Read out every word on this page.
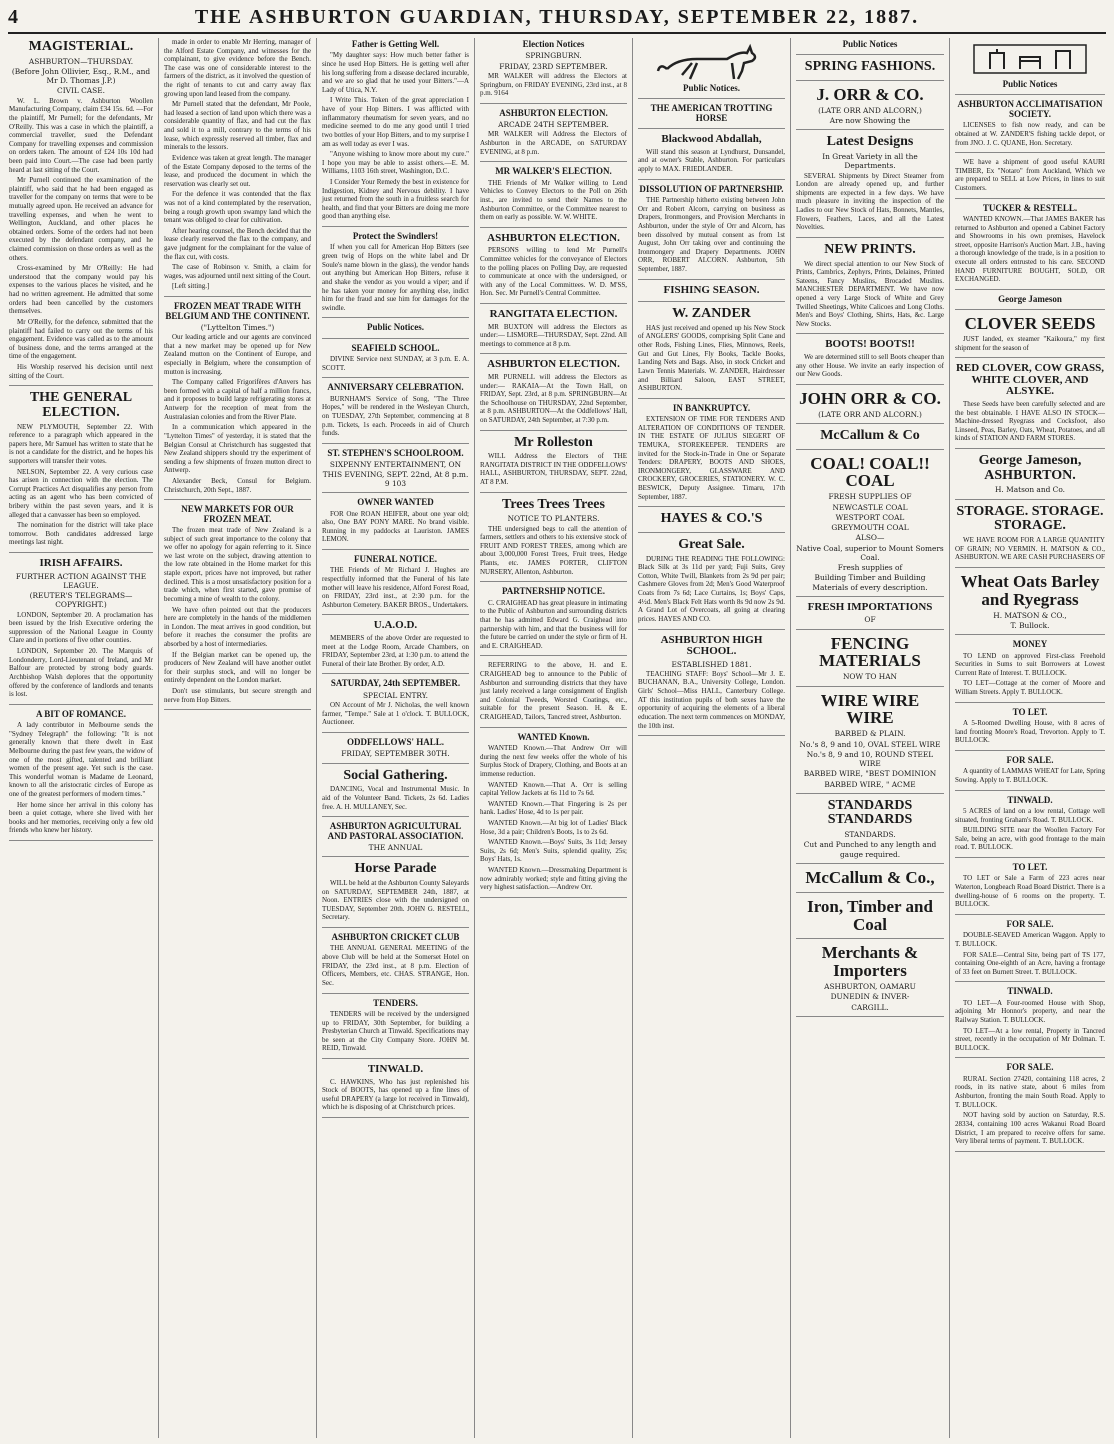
4	THE ASHBURTON GUARDIAN, THURSDAY, SEPTEMBER 22, 1887.
MAGISTERIAL.
ASHBURTON—THURSDAY.
(Before John Ollivier, Esq., R.M., and Mr D. Thomas J.P.)
CIVIL CASE.

W. L. Brown v. Ashburton Woollen Manufacturing Company, claim £34 15s. 6d. —For the plaintiff, Mr Purnell; for the defendants, Mr O'Reilly. This was a case in which the plaintiff, a commercial traveller, sued the Defendant Company for travelling expenses and commission on orders taken. The amount of £24 10s 10d had been paid into Court.—The case had been partly heard at last sitting of the Court.

Mr Purnell continued the examination of the plaintiff, who said that he had been engaged as traveller for the company on terms that were to be mutually agreed upon. He received an advance for travelling expenses, and when he went to Wellington, Auckland, and other places he obtained orders. Some of the orders had not been executed by the defendant company, and he claimed commission on those orders as well as the others.

Cross-examined by Mr O'Reilly: He had understood that the company would pay his expenses to the various places he visited, and he had no written agreement. He admitted that some orders had been cancelled by the customers themselves.

Mr O'Reilly, for the defence, submitted that the plaintiff had failed to carry out the terms of his engagement. Evidence was called as to the amount of business done, and the terms arranged at the time of the engagement.

His Worship reserved his decision until next sitting of the Court.

THE GENERAL ELECTION.

NEW PLYMOUTH, September 22. With reference to a paragraph which appeared in the papers here, Mr Samuel has written to state that he is not a candidate for the district, and he hopes his supporters will transfer their votes.

NELSON, September 22. A very curious case has arisen in connection with the election. The Corrupt Practices Act disqualifies any person from acting as an agent who has been convicted of bribery within the past seven years, and it is alleged that a canvasser has been so employed.

The nomination for the district will take place tomorrow. Both candidates addressed large meetings last night.

IRISH AFFAIRS.
FURTHER ACTION AGAINST THE LEAGUE.
(REUTER'S TELEGRAMS—COPYRIGHT.)

LONDON, September 20. A proclamation has been issued by the Irish Executive ordering the suppression of the National League in County Clare and in portions of five other counties.

LONDON, September 20. The Marquis of Londonderry, Lord-Lieutenant of Ireland, and Mr Balfour are protected by strong body guards. Archbishop Walsh deplores that the opportunity offered by the conference of landlords and tenants is lost.

A BIT OF ROMANCE.

A lady contributor in Melbourne sends the "Sydney Telegraph" the following: "It is not generally known that there dwelt in East Melbourne during the past few years, the widow of one of the most gifted, talented and brilliant women of the present age. Yet such is the case. This wonderful woman is Madame de Leonard, known to all the aristocratic circles of Europe as one of the greatest performers of modern times."

Her home since her arrival in this colony has been a quiet cottage, where she lived with her books and her memories, receiving only a few old friends who knew her history.

made in order to enable Mr Herring, manager of the Alford Estate Company, and witnesses for the complainant, to give evidence before the Bench. The case was one of considerable interest to the farmers of the district, as it involved the question of the right of tenants to cut and carry away flax growing upon land leased from the company.

Mr Purnell stated that the defendant, Mr Poole, had leased a section of land upon which there was a considerable quantity of flax, and had cut the flax and sold it to a mill, contrary to the terms of his lease, which expressly reserved all timber, flax and minerals to the lessors.

Evidence was taken at great length. The manager of the Estate Company deposed to the terms of the lease, and produced the document in which the reservation was clearly set out.

For the defence it was contended that the flax was not of a kind contemplated by the reservation, being a rough growth upon swampy land which the tenant was obliged to clear for cultivation.

After hearing counsel, the Bench decided that the lease clearly reserved the flax to the company, and gave judgment for the complainant for the value of the flax cut, with costs.

The case of Robinson v. Smith, a claim for wages, was adjourned until next sitting of the Court.

[Left sitting.]

FROZEN MEAT TRADE WITH BELGIUM AND THE CONTINENT.
("Lyttelton Times.")

Our leading article and our agents are convinced that a new market may be opened up for New Zealand mutton on the Continent of Europe, and especially in Belgium, where the consumption of mutton is increasing.

The Company called Frigorifères d'Anvers has been formed with a capital of half a million francs, and it proposes to build large refrigerating stores at Antwerp for the reception of meat from the Australasian colonies and from the River Plate.

In a communication which appeared in the "Lyttelton Times" of yesterday, it is stated that the Belgian Consul at Christchurch has suggested that New Zealand shippers should try the experiment of sending a few shipments of frozen mutton direct to Antwerp.

Alexander Beck, Consul for Belgium. Christchurch, 20th Sept., 1887.

NEW MARKETS FOR OUR FROZEN MEAT.

The frozen meat trade of New Zealand is a subject of such great importance to the colony that we offer no apology for again referring to it. Since we last wrote on the subject, drawing attention to the low rate obtained in the Home market for this staple export, prices have not improved, but rather declined. This is a most unsatisfactory position for a trade which, when first started, gave promise of becoming a mine of wealth to the colony.

We have often pointed out that the producers here are completely in the hands of the middlemen in London. The meat arrives in good condition, but before it reaches the consumer the profits are absorbed by a host of intermediaries.

If the Belgian market can be opened up, the producers of New Zealand will have another outlet for their surplus stock, and will no longer be entirely dependent on the London market.

Don't use stimulants, but secure strength and nerve from Hop Bitters.

Father is Getting Well.

"My daughter says: How much better father is since he used Hop Bitters. He is getting well after his long suffering from a disease declared incurable, and we are so glad that he used your Bitters."—A Lady of Utica, N.Y.

I Write This. Token of the great appreciation I have of your Hop Bitters. I was afflicted with inflammatory rheumatism for seven years, and no medicine seemed to do me any good until I tried two bottles of your Hop Bitters, and to my surprise I am as well today as ever I was.

"Anyone wishing to know more about my cure." I hope you may be able to assist others.—E. M. Williams, 1103 16th street, Washington, D.C.

I Consider Your Remedy the best in existence for Indigestion, Kidney and Nervous debility. I have just returned from the south in a fruitless search for health, and find that your Bitters are doing me more good than anything else.

Protect the Swindlers!

If when you call for American Hop Bitters (see green twig of Hops on the white label and Dr Soule's name blown in the glass), the vendor hands out anything but American Hop Bitters, refuse it and shake the vendor as you would a viper; and if he has taken your money for anything else, indict him for the fraud and sue him for damages for the swindle.

Public Notices.
SEAFIELD SCHOOL.

DIVINE Service next SUNDAY, at 3 p.m. E. A. SCOTT.

ANNIVERSARY CELEBRATION.

BURNHAM'S Service of Song, "The Three Hopes," will be rendered in the Wesleyan Church, on TUESDAY, 27th September, commencing at 8 p.m. Tickets, 1s each. Proceeds in aid of Church funds.

ST. STEPHEN'S SCHOOLROOM.
SIXPENNY ENTERTAINMENT, ON THIS EVENING, SEPT. 22nd, At 8 p.m. 9 103
OWNER WANTED

FOR One ROAN HEIFER, about one year old; also, One BAY PONY MARE. No brand visible. Running in my paddocks at Lauriston. JAMES LEMON.

FUNERAL NOTICE.

THE Friends of Mr Richard J. Hughes are respectfully informed that the Funeral of his late mother will leave his residence, Alford Forest Road, on FRIDAY, 23rd inst., at 2:30 p.m. for the Ashburton Cemetery. BAKER BROS., Undertakers.

U.A.O.D.

MEMBERS of the above Order are requested to meet at the Lodge Room, Arcade Chambers, on FRIDAY, September 23rd, at 1:30 p.m. to attend the Funeral of their late Brother. By order, A.D.

SATURDAY, 24th SEPTEMBER.
SPECIAL ENTRY.

ON Account of Mr J. Nicholas, the well known farmer, "Tempe." Sale at 1 o'clock. T. BULLOCK, Auctioneer.

ODDFELLOWS' HALL.
FRIDAY, SEPTEMBER 30TH.
Social Gathering.

DANCING, Vocal and Instrumental Music. In aid of the Volunteer Band. Tickets, 2s 6d. Ladies free. A. H. MULLANEY, Sec.

ASHBURTON AGRICULTURAL AND PASTORAL ASSOCIATION.
THE ANNUAL
Horse Parade

WILL be held at the Ashburton County Saleyards on SATURDAY, SEPTEMBER 24th, 1887, at Noon. ENTRIES close with the undersigned on TUESDAY, September 20th. JOHN G. RESTELL, Secretary.

ASHBURTON CRICKET CLUB

THE ANNUAL GENERAL MEETING of the above Club will be held at the Somerset Hotel on FRIDAY, the 23rd inst., at 8 p.m. Election of Officers, Members, etc. CHAS. STRANGE, Hon. Sec.

TENDERS.

TENDERS will be received by the undersigned up to FRIDAY, 30th September, for building a Presbyterian Church at Tinwald. Specifications may be seen at the City Company Store. JOHN M. REID, Tinwald.

TINWALD.

C. HAWKINS, Who has just replenished his Stock of BOOTS, has opened up a fine lines of useful DRAPERY (a large lot received in Tinwald), which he is disposing of at Christchurch prices.

Election Notices
SPRINGBURN.
FRIDAY, 23RD SEPTEMBER.

MR WALKER will address the Electors at Springburn, on FRIDAY EVENING, 23rd inst., at 8 p.m. 9164

ASHBURTON ELECTION.
ARCADE 24TH SEPTEMBER.

MR WALKER will Address the Electors of Ashburton in the ARCADE, on SATURDAY EVENING, at 8 p.m.

MR WALKER'S ELECTION.

THE Friends of Mr Walker willing to Lend Vehicles to Convey Electors to the Poll on 26th inst., are invited to send their Names to the Ashburton Committee, or the Committee nearest to them on early as possible. W. W. WHITE.

ASHBURTON ELECTION.

PERSONS willing to lend Mr Purnell's Committee vehicles for the conveyance of Electors to the polling places on Polling Day, are requested to communicate at once with the undersigned, or with any of the Local Committees. W. D. M'SS, Hon. Sec. Mr Purnell's Central Committee.

RANGITATA ELECTION.

MR BUXTON will address the Electors as under:— LISMORE—THURSDAY, Sept. 22nd. All meetings to commence at 8 p.m.

ASHBURTON ELECTION.

MR PURNELL will address the Electors as under:— RAKAIA—At the Town Hall, on FRIDAY, Sept. 23rd, at 8 p.m. SPRINGBURN—At the Schoolhouse on THURSDAY, 22nd September, at 8 p.m. ASHBURTON—At the Oddfellows' Hall, on SATURDAY, 24th September, at 7:30 p.m.

Mr Rolleston

WILL Address the Electors of THE RANGITATA DISTRICT IN THE ODDFELLOWS' HALL, ASHBURTON, THURSDAY, SEPT. 22nd, AT 8 P.M.

Trees Trees Trees
NOTICE TO PLANTERS.

THE undersigned begs to call the attention of farmers, settlers and others to his extensive stock of FRUIT AND FOREST TREES, among which are about 3,000,000 Forest Trees, Fruit trees, Hedge Plants, etc. JAMES PORTER, CLIFTON NURSERY, Allenton, Ashburton.

PARTNERSHIP NOTICE.

C. CRAIGHEAD has great pleasure in intimating to the Public of Ashburton and surrounding districts that he has admitted Edward G. Craighead into partnership with him, and that the business will for the future be carried on under the style or firm of H. and E. CRAIGHEAD.

REFERRING to the above, H. and E. CRAIGHEAD beg to announce to the Public of Ashburton and surrounding districts that they have just lately received a large consignment of English and Colonial Tweeds, Worsted Coatings, etc., suitable for the present Season. H. & E. CRAIGHEAD, Tailors, Tancred street, Ashburton.

WANTED Known.

WANTED Known.—That Andrew Orr will during the next few weeks offer the whole of his Surplus Stock of Drapery, Clothing, and Boots at an immense reduction.

WANTED Known.—That A. Orr is selling capital Yellow Jackets at 6s 11d to 7s 6d.

WANTED Known.—That Fingering is 2s per hank. Ladies' Hose, 4d to 1s per pair.

WANTED Known.—At big lot of Ladies' Black Hose, 3d a pair; Children's Boots, 1s to 2s 6d.

WANTED Known.—Boys' Suits, 3s 11d; Jersey Suits, 2s 6d; Men's Suits, splendid quality, 25s; Boys' Hats, 1s.

WANTED Known.—Dressmaking Department is now admirably worked; style and fitting giving the very highest satisfaction.—Andrew Orr.

Public Notices.
THE AMERICAN TROTTING HORSE
Blackwood Abdallah,

Will stand this season at Lyndhurst, Dunsandel, and at owner's Stable, Ashburton. For particulars apply to MAX. FRIEDLANDER.

DISSOLUTION OF PARTNERSHIP.

THE Partnership hitherto existing between John Orr and Robert Alcorn, carrying on business as Drapers, Ironmongers, and Provision Merchants in Ashburton, under the style of Orr and Alcorn, has been dissolved by mutual consent as from 1st August, John Orr taking over and continuing the Ironmongery and Drapery Departments. JOHN ORR, ROBERT ALCORN. Ashburton, 5th September, 1887.

FISHING SEASON.
W. ZANDER

HAS just received and opened up his New Stock of ANGLERS' GOODS, comprising Split Cane and other Rods, Fishing Lines, Flies, Minnows, Reels, Gut and Gut Lines, Fly Books, Tackle Books, Landing Nets and Bags. Also, in stock Cricket and Lawn Tennis Materials. W. ZANDER, Hairdresser and Billiard Saloon, EAST STREET, ASHBURTON.

IN BANKRUPTCY.

EXTENSION OF TIME FOR TENDERS AND ALTERATION OF CONDITIONS OF TENDER. IN THE ESTATE OF JULIUS SIEGERT OF TEMUKA, STOREKEEPER. TENDERS are invited for the Stock-in-Trade in One or Separate Tenders: DRAPERY, BOOTS AND SHOES, IRONMONGERY, GLASSWARE AND CROCKERY, GROCERIES, STATIONERY. W. C. BESWICK, Deputy Assignee. Timaru, 17th September, 1887.

HAYES & CO.'S
Great Sale.

DURING THE READING THE FOLLOWING: Black Silk at 3s 11d per yard; Fuji Suits, Grey Cotton, White Twill, Blankets from 2s 9d per pair; Cashmere Gloves from 2d; Men's Good Waterproof Coats from 7s 6d; Lace Curtains, 1s; Boys' Caps, 4½d. Men's Black Felt Hats worth 8s 9d now 2s 9d. A Grand Lot of Overcoats, all going at clearing prices. HAYES AND CO.

ASHBURTON HIGH SCHOOL.
ESTABLISHED 1881.

TEACHING STAFF: Boys' School—Mr J. E. BUCHANAN, B.A., University College, London. Girls' School—Miss HALL, Canterbury College. AT this institution pupils of both sexes have the opportunity of acquiring the elements of a liberal education. The next term commences on MONDAY, the 10th inst.

Public Notices
SPRING FASHIONS.
J. ORR & CO.
(LATE ORR AND ALCORN,)
Are now Showing the
Latest Designs
In Great Variety in all the Departments.

SEVERAL Shipments by Direct Steamer from London are already opened up, and further shipments are expected in a few days. We have much pleasure in inviting the inspection of the Ladies to our New Stock of Hats, Bonnets, Mantles, Flowers, Feathers, Laces, and all the Latest Novelties.

NEW PRINTS.

We direct special attention to our New Stock of Prints, Cambrics, Zephyrs, Prints, Delaines, Printed Sateens, Fancy Muslins, Brocaded Muslins. MANCHESTER DEPARTMENT. We have now opened a very Large Stock of White and Grey Twilled Sheetings, White Calicoes and Long Cloths. Men's and Boys' Clothing, Shirts, Hats, &c. Large New Stocks.

BOOTS! BOOTS!!

We are determined still to sell Boots cheaper than any other House. We invite an early inspection of our New Goods.

JOHN ORR & CO.
(LATE ORR AND ALCORN.)
McCallum & Co
COAL! COAL!! COAL
FRESH SUPPLIES OF
NEWCASTLE COAL
WESTPORT COAL
GREYMOUTH COAL
ALSO—
Native Coal, superior to Mount Somers Coal.
Fresh supplies of
Building Timber and Building Materials of every description.
FRESH IMPORTATIONS
OF
FENCING MATERIALS
NOW TO HAN
WIRE WIRE WIRE
BARBED & PLAIN.
No.'s 8, 9 and 10, OVAL STEEL WIRE
No.'s 8, 9 and 10, ROUND STEEL WIRE
BARBED WIRE, "BEST DOMINION
BARBED WIRE, " ACME
STANDARDS STANDARDS
STANDARDS.
Cut and Punched to any length and gauge required.
McCallum & Co.,
Iron, Timber and Coal
Merchants & Importers
ASHBURTON, OAMARU
DUNEDIN & INVER-
CARGILL.
Public Notices
ASHBURTON ACCLIMATISATION SOCIETY.

LICENSES to fish now ready, and can be obtained at W. ZANDER'S fishing tackle depot, or from JNO. J. C. QUANE, Hon. Secretary.

WE have a shipment of good useful KAURI TIMBER, Ex "Notaro" from Auckland, Which we are prepared to SELL at Low Prices, in lines to suit Customers.

TUCKER & RESTELL.

WANTED KNOWN.—That JAMES BAKER has returned to Ashburton and opened a Cabinet Factory and Showrooms in his own premises, Havelock street, opposite Harrison's Auction Mart. J.B., having a thorough knowledge of the trade, is in a position to execute all orders entrusted to his care. SECOND HAND FURNITURE BOUGHT, SOLD, OR EXCHANGED.

George Jameson
CLOVER SEEDS

JUST landed, ex steamer "Kaikoura," my first shipment for the season of

RED CLOVER, COW GRASS, WHITE CLOVER, AND ALSYKE.

These Seeds have been carefully selected and are the best obtainable. I HAVE ALSO IN STOCK—Machine-dressed Ryegrass and Cocksfoot, also Linseed, Peas, Barley, Oats, Wheat, Potatoes, and all kinds of STATION AND FARM STORES.

George Jameson, ASHBURTON.
H. Matson and Co.
STORAGE. STORAGE. STORAGE.

WE HAVE ROOM FOR A LARGE QUANTITY OF GRAIN; NO VERMIN. H. MATSON & CO., ASHBURTON. WE ARE CASH PURCHASERS OF

Wheat Oats Barley and Ryegrass
H. MATSON & CO.,
T. Bullock.
MONEY

TO LEND on approved First-class Freehold Securities in Sums to suit Borrowers at Lowest Current Rate of Interest. T. BULLOCK.

TO LET—Cottage at the corner of Moore and William Streets. Apply T. BULLOCK.

TO LET.

A 5-Roomed Dwelling House, with 8 acres of land fronting Moore's Road, Trevorton. Apply to T. BULLOCK.

FOR SALE.

A quantity of LAMMAS WHEAT for Late, Spring Sowing. Apply to T. BULLOCK.

TINWALD.

5 ACRES of land on a low rental, Cottage well situated, fronting Graham's Road. T. BULLOCK.

BUILDING SITE near the Woollen Factory For Sale, being an acre, with good frontage to the main road. T. BULLOCK.

TO LET.

TO LET or Sale a Farm of 223 acres near Waterton, Longbeach Road Board District. There is a dwelling-house of 6 rooms on the property. T. BULLOCK.

FOR SALE.

DOUBLE-SEAVED American Waggon. Apply to T. BULLOCK.

FOR SALE—Central Site, being part of TS 177, containing One-eighth of an Acre, having a frontage of 33 feet on Burnett Street. T. BULLOCK.

TINWALD.

TO LET—A Four-roomed House with Shop, adjoining Mr Honnor's property, and near the Railway Station. T. BULLOCK.

TO LET—At a low rental, Property in Tancred street, recently in the occupation of Mr Dolman. T. BULLOCK.

FOR SALE.

RURAL Section 27420, containing 118 acres, 2 roods, in its native state, about 6 miles from Ashburton, fronting the main South Road. Apply to T. BULLOCK.

NOT having sold by auction on Saturday, R.S. 28334, containing 100 acres Wakanui Road Board District, I am prepared to receive offers for same. Very liberal terms of payment. T. BULLOCK.
